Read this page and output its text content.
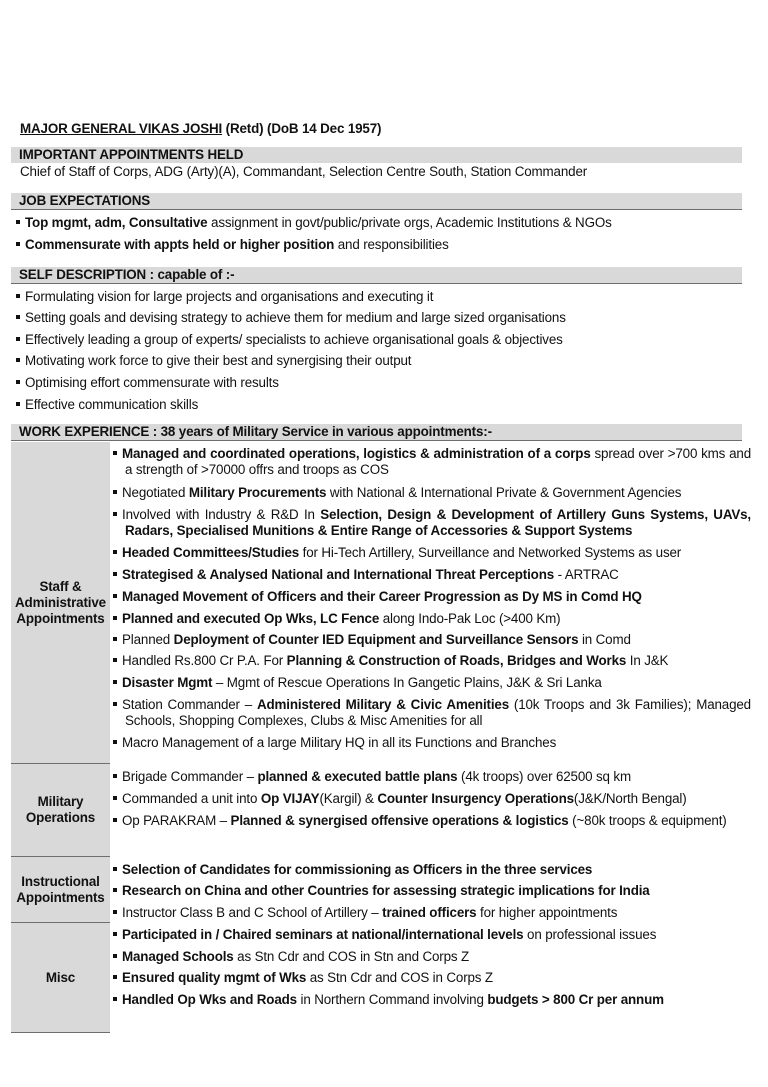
MAJOR GENERAL VIKAS JOSHI (Retd) (DoB 14 Dec 1957)
IMPORTANT APPOINTMENTS HELD
Chief of Staff of Corps, ADG (Arty)(A), Commandant, Selection Centre South, Station Commander
JOB EXPECTATIONS
Top mgmt, adm, Consultative assignment in govt/public/private orgs, Academic Institutions & NGOs
Commensurate with appts held or higher position and responsibilities
SELF DESCRIPTION : capable of :-
Formulating vision for large projects and organisations and executing it
Setting goals and devising strategy to achieve them for medium and large sized organisations
Effectively leading a group of experts/ specialists to achieve organisational goals & objectives
Motivating work force to give their best and synergising their output
Optimising effort commensurate with results
Effective communication skills
WORK EXPERIENCE : 38 years of Military Service in various appointments:-
Staff &
Administrative
Appointments
Managed and coordinated operations, logistics & administration of a corps spread over >700 kms and a strength of >70000 offrs and troops as COS
Negotiated Military Procurements with National & International Private & Government Agencies
Involved with Industry & R&D In Selection, Design & Development of Artillery Guns Systems, UAVs, Radars, Specialised Munitions & Entire Range of Accessories & Support Systems
Headed Committees/Studies for Hi-Tech Artillery, Surveillance and Networked Systems as user
Strategised & Analysed National and International Threat Perceptions - ARTRAC
Managed Movement of Officers and their Career Progression as Dy MS in Comd HQ
Planned and executed Op Wks, LC Fence along Indo-Pak Loc (>400 Km)
Planned Deployment of Counter IED Equipment and Surveillance Sensors in Comd
Handled Rs.800 Cr P.A. For Planning & Construction of Roads, Bridges and Works In J&K
Disaster Mgmt – Mgmt of Rescue Operations In Gangetic Plains, J&K & Sri Lanka
Station Commander – Administered Military & Civic Amenities (10k Troops and 3k Families); Managed Schools, Shopping Complexes, Clubs & Misc Amenities for all
Macro Management of a large Military HQ in all its Functions and Branches
Military
Operations
Brigade Commander – planned & executed battle plans (4k troops) over 62500 sq km
Commanded a unit into Op VIJAY(Kargil) & Counter Insurgency Operations(J&K/North Bengal)
Op PARAKRAM – Planned & synergised offensive operations & logistics (~80k troops & equipment)
Instructional
Appointments
Selection of Candidates for commissioning as Officers in the three services
Research on China and other Countries for assessing strategic implications for India
Instructor Class B and C School of Artillery – trained officers for higher appointments
Misc
Participated in / Chaired seminars at national/international levels on professional issues
Managed Schools as Stn Cdr and COS in Stn and Corps Z
Ensured quality mgmt of Wks as Stn Cdr and COS in Corps Z
Handled Op Wks and Roads in Northern Command involving budgets > 800 Cr per annum
